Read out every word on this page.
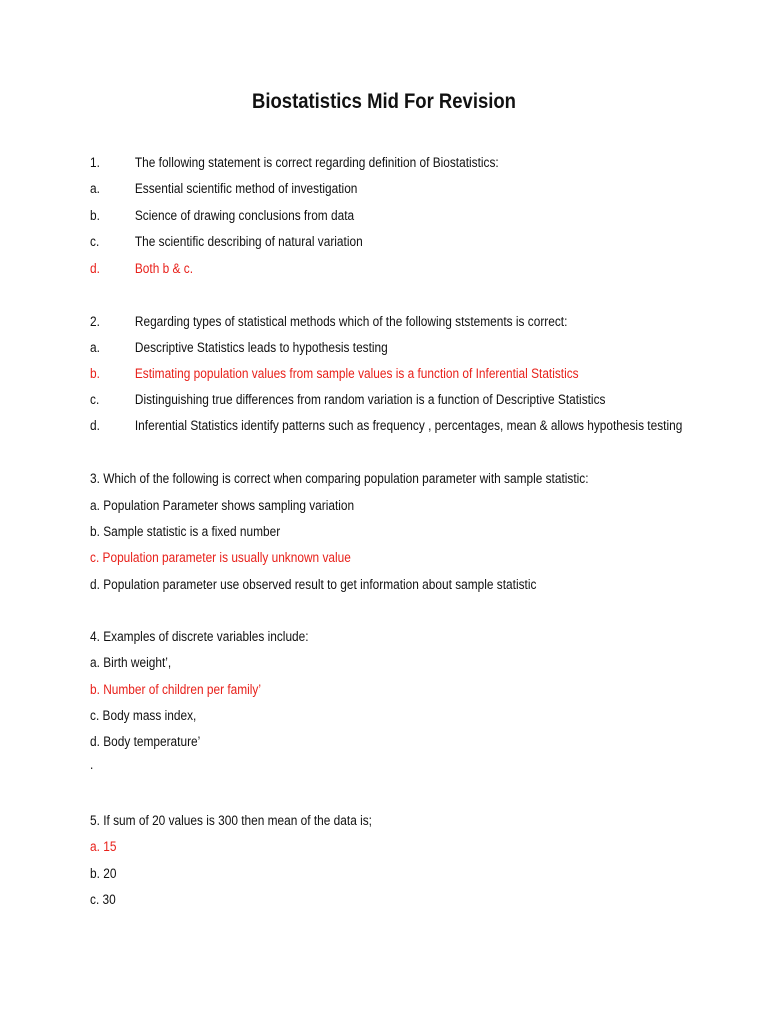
Biostatistics Mid For Revision
1.	The following statement is correct regarding definition of Biostatistics:
a.	Essential scientific method of investigation
b.	Science of drawing conclusions from data
c.	The scientific describing of natural variation
d.	Both b & c.
2.	Regarding types of statistical methods which of the following ststements is correct:
a.	Descriptive Statistics leads to hypothesis testing
b.	Estimating population values from sample values is a function of Inferential Statistics
c.	Distinguishing true differences from random variation is a function of Descriptive Statistics
d.	Inferential Statistics identify patterns such as frequency , percentages, mean & allows hypothesis testing
3. Which of the following is correct when comparing population parameter with sample statistic:
a. Population Parameter shows sampling variation
b. Sample statistic is a fixed number
c. Population parameter is usually unknown value
d. Population parameter use observed result to get information about sample statistic
4. Examples of discrete variables include:
a. Birth weight’,
b. Number of children per family’
c. Body mass index,
d. Body temperature’
.
5. If sum of 20 values is 300 then mean of the data is;
a. 15
b. 20
c. 30
